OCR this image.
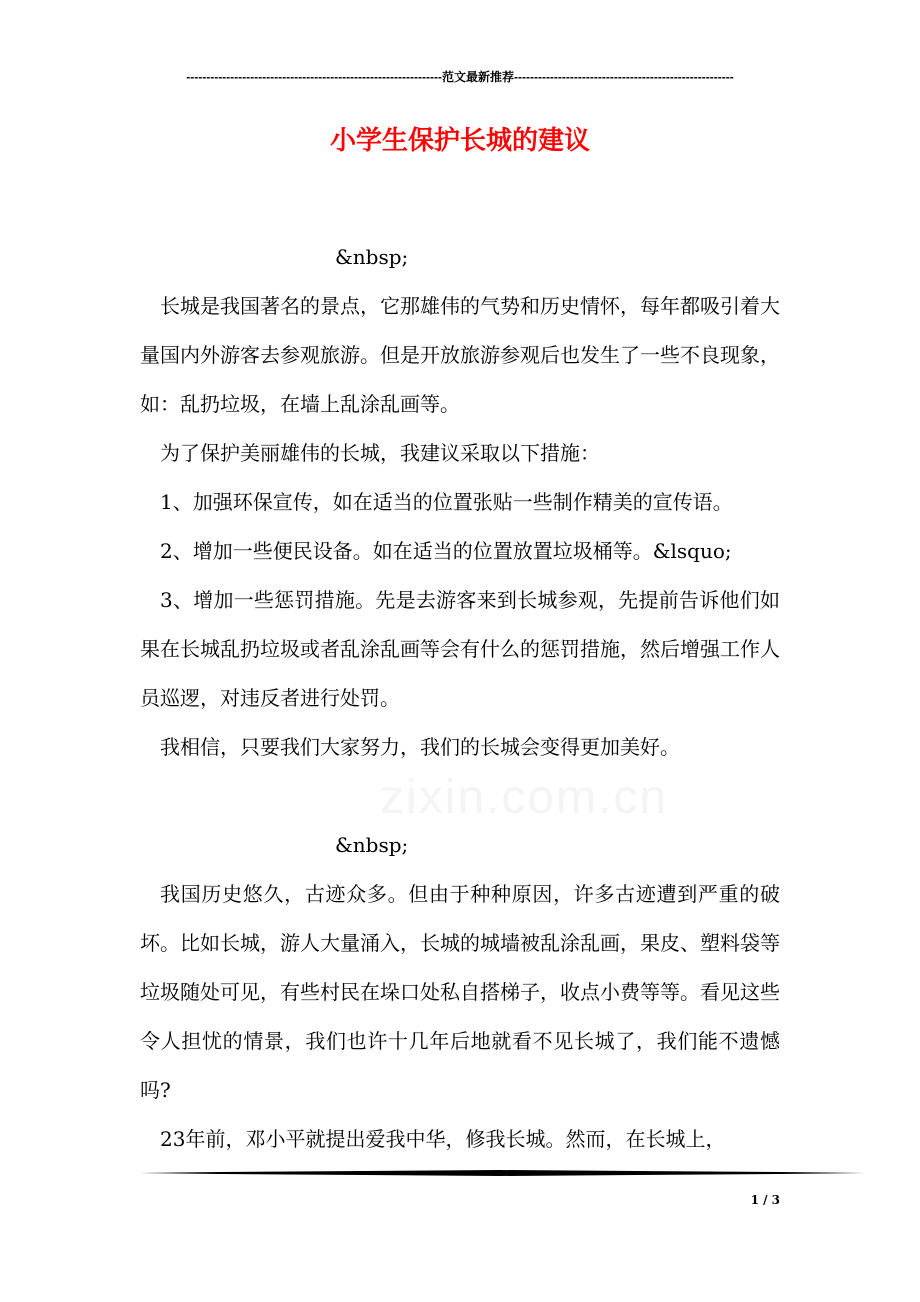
----------------------------------------------------------------范文最新推荐-------------------------------------------------------
小学生保护长城的建议
zixin.com.cn

&nbsp;

长城是我国著名的景点，它那雄伟的气势和历史情怀，每年都吸引着大量国内外游客去参观旅游。但是开放旅游参观后也发生了一些不良现象，如：乱扔垃圾，在墙上乱涂乱画等。

为了保护美丽雄伟的长城，我建议采取以下措施：

1、加强环保宣传，如在适当的位置张贴一些制作精美的宣传语。

2、增加一些便民设备。如在适当的位置放置垃圾桶等。&lsquo;

3、增加一些惩罚措施。先是去游客来到长城参观，先提前告诉他们如果在长城乱扔垃圾或者乱涂乱画等会有什么的惩罚措施，然后增强工作人员巡逻，对违反者进行处罚。

我相信，只要我们大家努力，我们的长城会变得更加美好。

&nbsp;

我国历史悠久，古迹众多。但由于种种原因，许多古迹遭到严重的破坏。比如长城，游人大量涌入，长城的城墙被乱涂乱画，果皮、塑料袋等垃圾随处可见，有些村民在垛口处私自搭梯子，收点小费等等。看见这些令人担忧的情景，我们也许十几年后地就看不见长城了，我们能不遗憾吗?

23年前，邓小平就提出爱我中华，修我长城。然而，在长城上，

1 / 3
